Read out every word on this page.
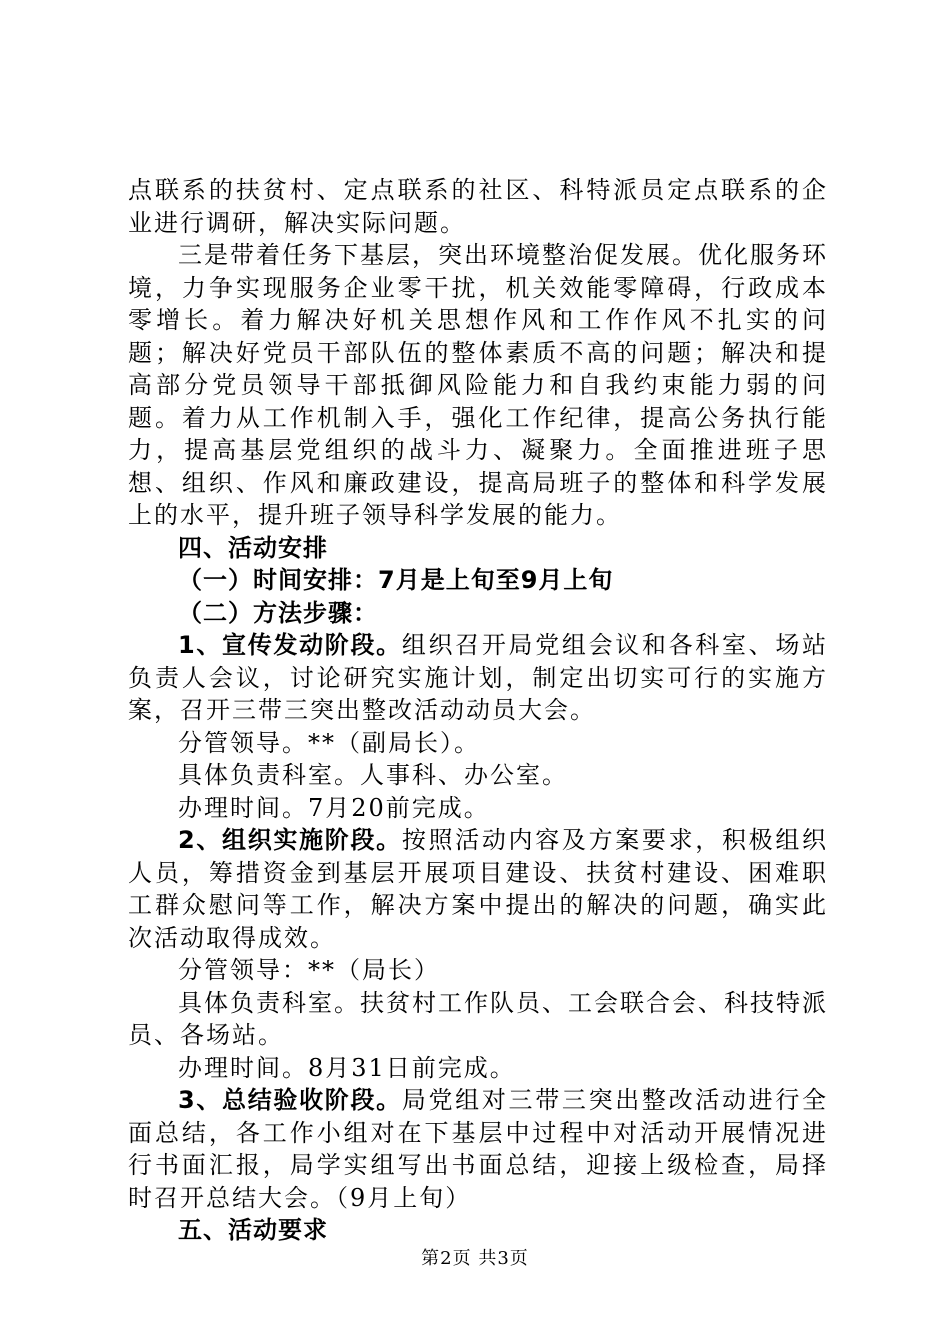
点联系的扶贫村、定点联系的社区、科特派员定点联系的企业进行调研，解决实际问题。

三是带着任务下基层，突出环境整治促发展。优化服务环境，力争实现服务企业零干扰，机关效能零障碍，行政成本零增长。着力解决好机关思想作风和工作作风不扎实的问题；解决好党员干部队伍的整体素质不高的问题；解决和提高部分党员领导干部抵御风险能力和自我约束能力弱的问题。着力从工作机制入手，强化工作纪律，提高公务执行能力，提高基层党组织的战斗力、凝聚力。全面推进班子思想、组织、作风和廉政建设，提高局班子的整体和科学发展上的水平，提升班子领导科学发展的能力。

四、活动安排

（一）时间安排：7月是上旬至9月上旬

（二）方法步骤：

1、宣传发动阶段。组织召开局党组会议和各科室、场站负责人会议，讨论研究实施计划，制定出切实可行的实施方案，召开三带三突出整改活动动员大会。

分管领导。**（副局长）。

具体负责科室。人事科、办公室。

办理时间。7月20前完成。

2、组织实施阶段。按照活动内容及方案要求，积极组织人员，筹措资金到基层开展项目建设、扶贫村建设、困难职工群众慰问等工作，解决方案中提出的解决的问题，确实此次活动取得成效。

分管领导：**（局长）

具体负责科室。扶贫村工作队员、工会联合会、科技特派员、各场站。

办理时间。8月31日前完成。

3、总结验收阶段。局党组对三带三突出整改活动进行全面总结，各工作小组对在下基层中过程中对活动开展情况进行书面汇报，局学实组写出书面总结，迎接上级检查，局择时召开总结大会。（9月上旬）

五、活动要求

第2页 共3页
